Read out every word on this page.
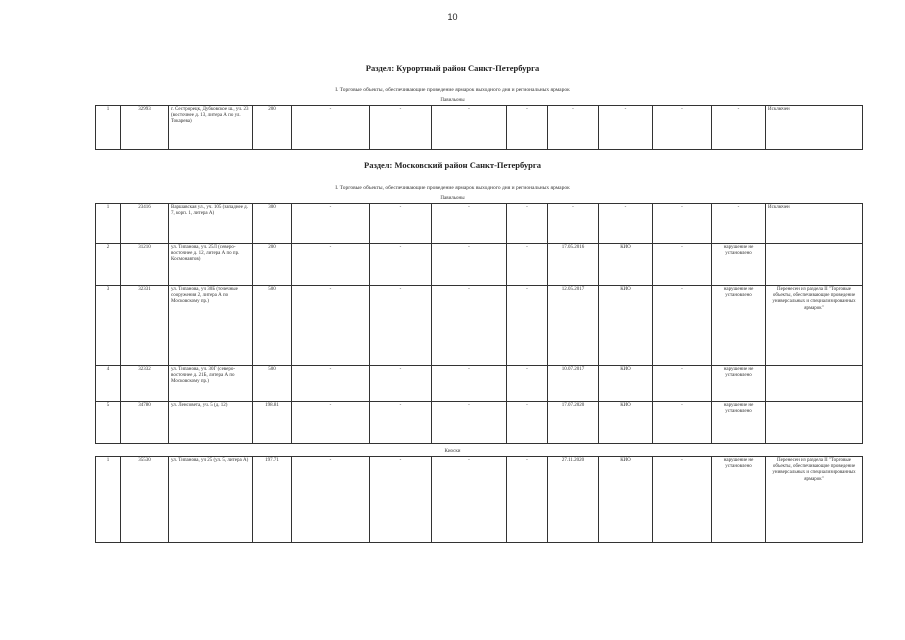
10
Раздел: Курортный район Санкт-Петербурга
I. Торговые объекты, обеспечивающие проведение ярмарок выходного дня и региональных ярмарок
Павильоны
1	32993	г. Сестрорецк, Дубковское ш., уч. 23 (восточнее д. 13, литера А по ул. Токарева)	200	-	-	-	-	-	-	-	-	Исключен
Раздел: Московский район Санкт-Петербурга
I. Торговые объекты, обеспечивающие проведение ярмарок выходного дня и региональных ярмарок
Павильоны
1	23416	Варшавская ул., уч. 105 (западнее д. 7, корп. 1, литера А)	300	-	-	-	-	-	-	-	-	Исключен
2	31210	ул. Типанова, уч. 25Л (северо-восточнее д. 12, литера А по пр. Космонавтов)	200	-	-	-	-	17.05.2016	КИО	-	нарушение не установлено	
3	32331	ул. Типанова, уч 30Б (точечные сооружения 2, литера А по Московскому пр.)	500	-	-	-	-	12.05.2017	КИО	-	нарушение не установлено	Перенесен из раздела II "Торговые объекты, обеспечивающие проведение универсальных и специализированных ярмарок"
4	32332	ул. Типанова, уч. 30Г (северо-восточнее д. 21Б, литера А по Московскому пр.)	500	-	-	-	-	10.07.2017	КИО	-	нарушение не установлено	
5	34780	ул. Ленсовета, уч. 5 (д. 12)	198.81	-	-	-	-	17.07.2020	КИО	-	нарушение не установлено	
Киоски
1	35530	ул. Типанова, уч 25 (ул. 5, литера А)	197.71	-	-	-	-	27.11.2020	КИО	-	нарушение не установлено	Перенесен из раздела II "Торговые объекты, обеспечивающие проведение универсальных и специализированных ярмарок"
